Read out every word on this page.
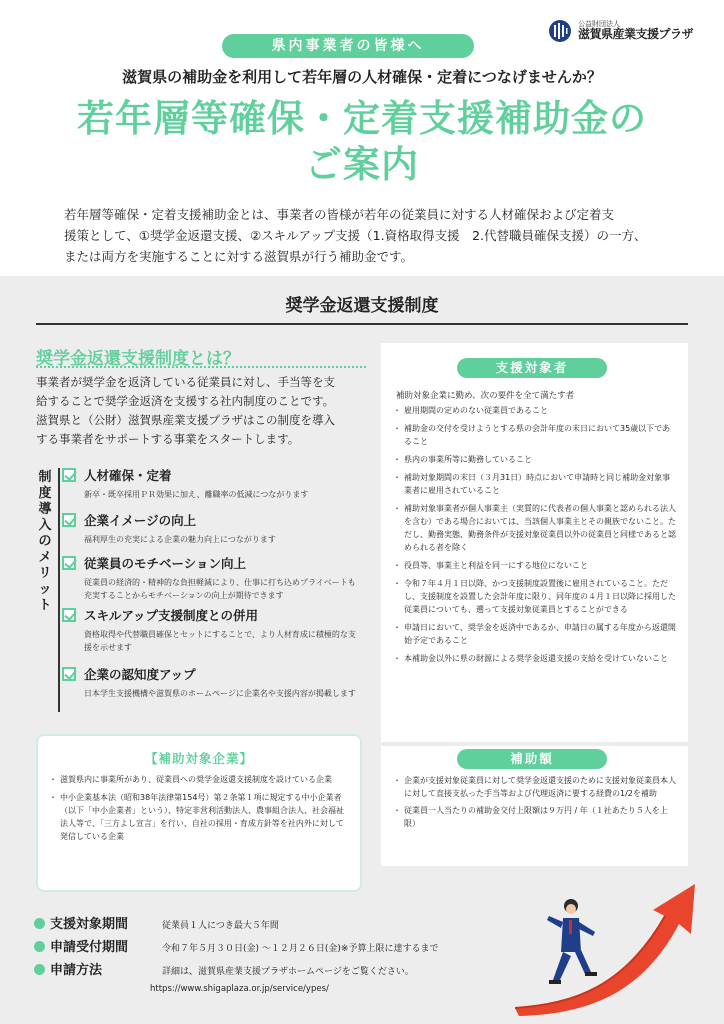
公益財団法人
滋賀県産業支援プラザ
県内事業者の皆様へ
滋賀県の補助金を利用して若年層の人材確保・定着につなげませんか？
若年層等確保・定着支援補助金の
ご案内
若年層等確保・定着支援補助金とは、事業者の皆様が若年の従業員に対する人材確保および定着支
援策として、①奨学金返還支援、②スキルアップ支援（1.資格取得支援　2.代替職員確保支援）の一方、
または両方を実施することに対する滋賀県が行う補助金です。
奨学金返還支援制度
奨学金返還支援制度とは？
事業者が奨学金を返済している従業員に対し、手当等を支
給することで奨学金返済を支援する社内制度のことです。
滋賀県と（公財）滋賀県産業支援プラザはこの制度を導入
する事業者をサポートする事業をスタートします。
制度導入のメリット
人材確保・定着
新卒・既卒採用ＰＲ効果に加え、離職率の低減につながります
企業イメージの向上
福利厚生の充実による企業の魅力向上につながります
従業員のモチベーション向上
従業員の経済的・精神的な負担軽減により、仕事に打ち込めプライベートも充実することからモチベーションの向上が期待できます
スキルアップ支援制度との併用
資格取得や代替職員確保とセットにすることで、より人材育成に積極的な支援を示せます
企業の認知度アップ
日本学生支援機構や滋賀県のホームページに企業名や支援内容が掲載します
支援対象者
補助対象企業に勤め、次の要件を全て満たす者
・ 雇用期間の定めのない従業員であること
・ 補助金の交付を受けようとする県の会計年度の末日において35歳以下であること
・ 県内の事業所等に勤務していること
・ 補助対象期間の末日（３月31日）時点において申請時と同じ補助金対象事業者に雇用されていること
・ 補助対象事業者が個人事業主（実質的に代表者の個人事業と認められる法人を含む）である場合においては、当該個人事業主とその親族でないこと。ただし、勤務実態、勤務条件が支援対象従業員以外の従業員と同様であると認められる者を除く
・ 役員等、事業主と利益を同一にする地位にないこと
・ 令和７年４月１日以降、かつ支援制度設置後に雇用されていること。ただし、支援制度を設置した会計年度に限り、同年度の４月１日以降に採用した従業員についても、遡って支援対象従業員とすることができる
・ 申請日において、奨学金を返済中であるか、申請日の属する年度から返還開始予定であること
・ 本補助金以外に県の財源による奨学金返還支援の支給を受けていないこと
補助額
・ 企業が支援対象従業員に対して奨学金返還支援のために支援対象従業員本人に対して直接支払った手当等および代理返済に要する経費の1/2を補助
・ 従業員一人当たりの補助金交付上限額は９万円 / 年（１社あたり５人を上限）
【補助対象企業】
・ 滋賀県内に事業所があり、従業員への奨学金返還支援制度を設けている企業
・ 中小企業基本法（昭和38年法律第154号）第２条第１項に規定する中小企業者（以下「中小企業者」という）、特定非営利活動法人、農事組合法人、社会福祉法人等で、「三方よし宣言」を行い、自社の採用・育成方針等を社内外に対して発信している企業
支援対象期間	従業員１人につき最大５年間
申請受付期間	令和７年５月３０日(金) 〜１２月２６日(金)※予算上限に達するまで
申請方法	詳細は、滋賀県産業支援プラザホームページをご覧ください。
https://www.shigaplaza.or.jp/service/ypes/
